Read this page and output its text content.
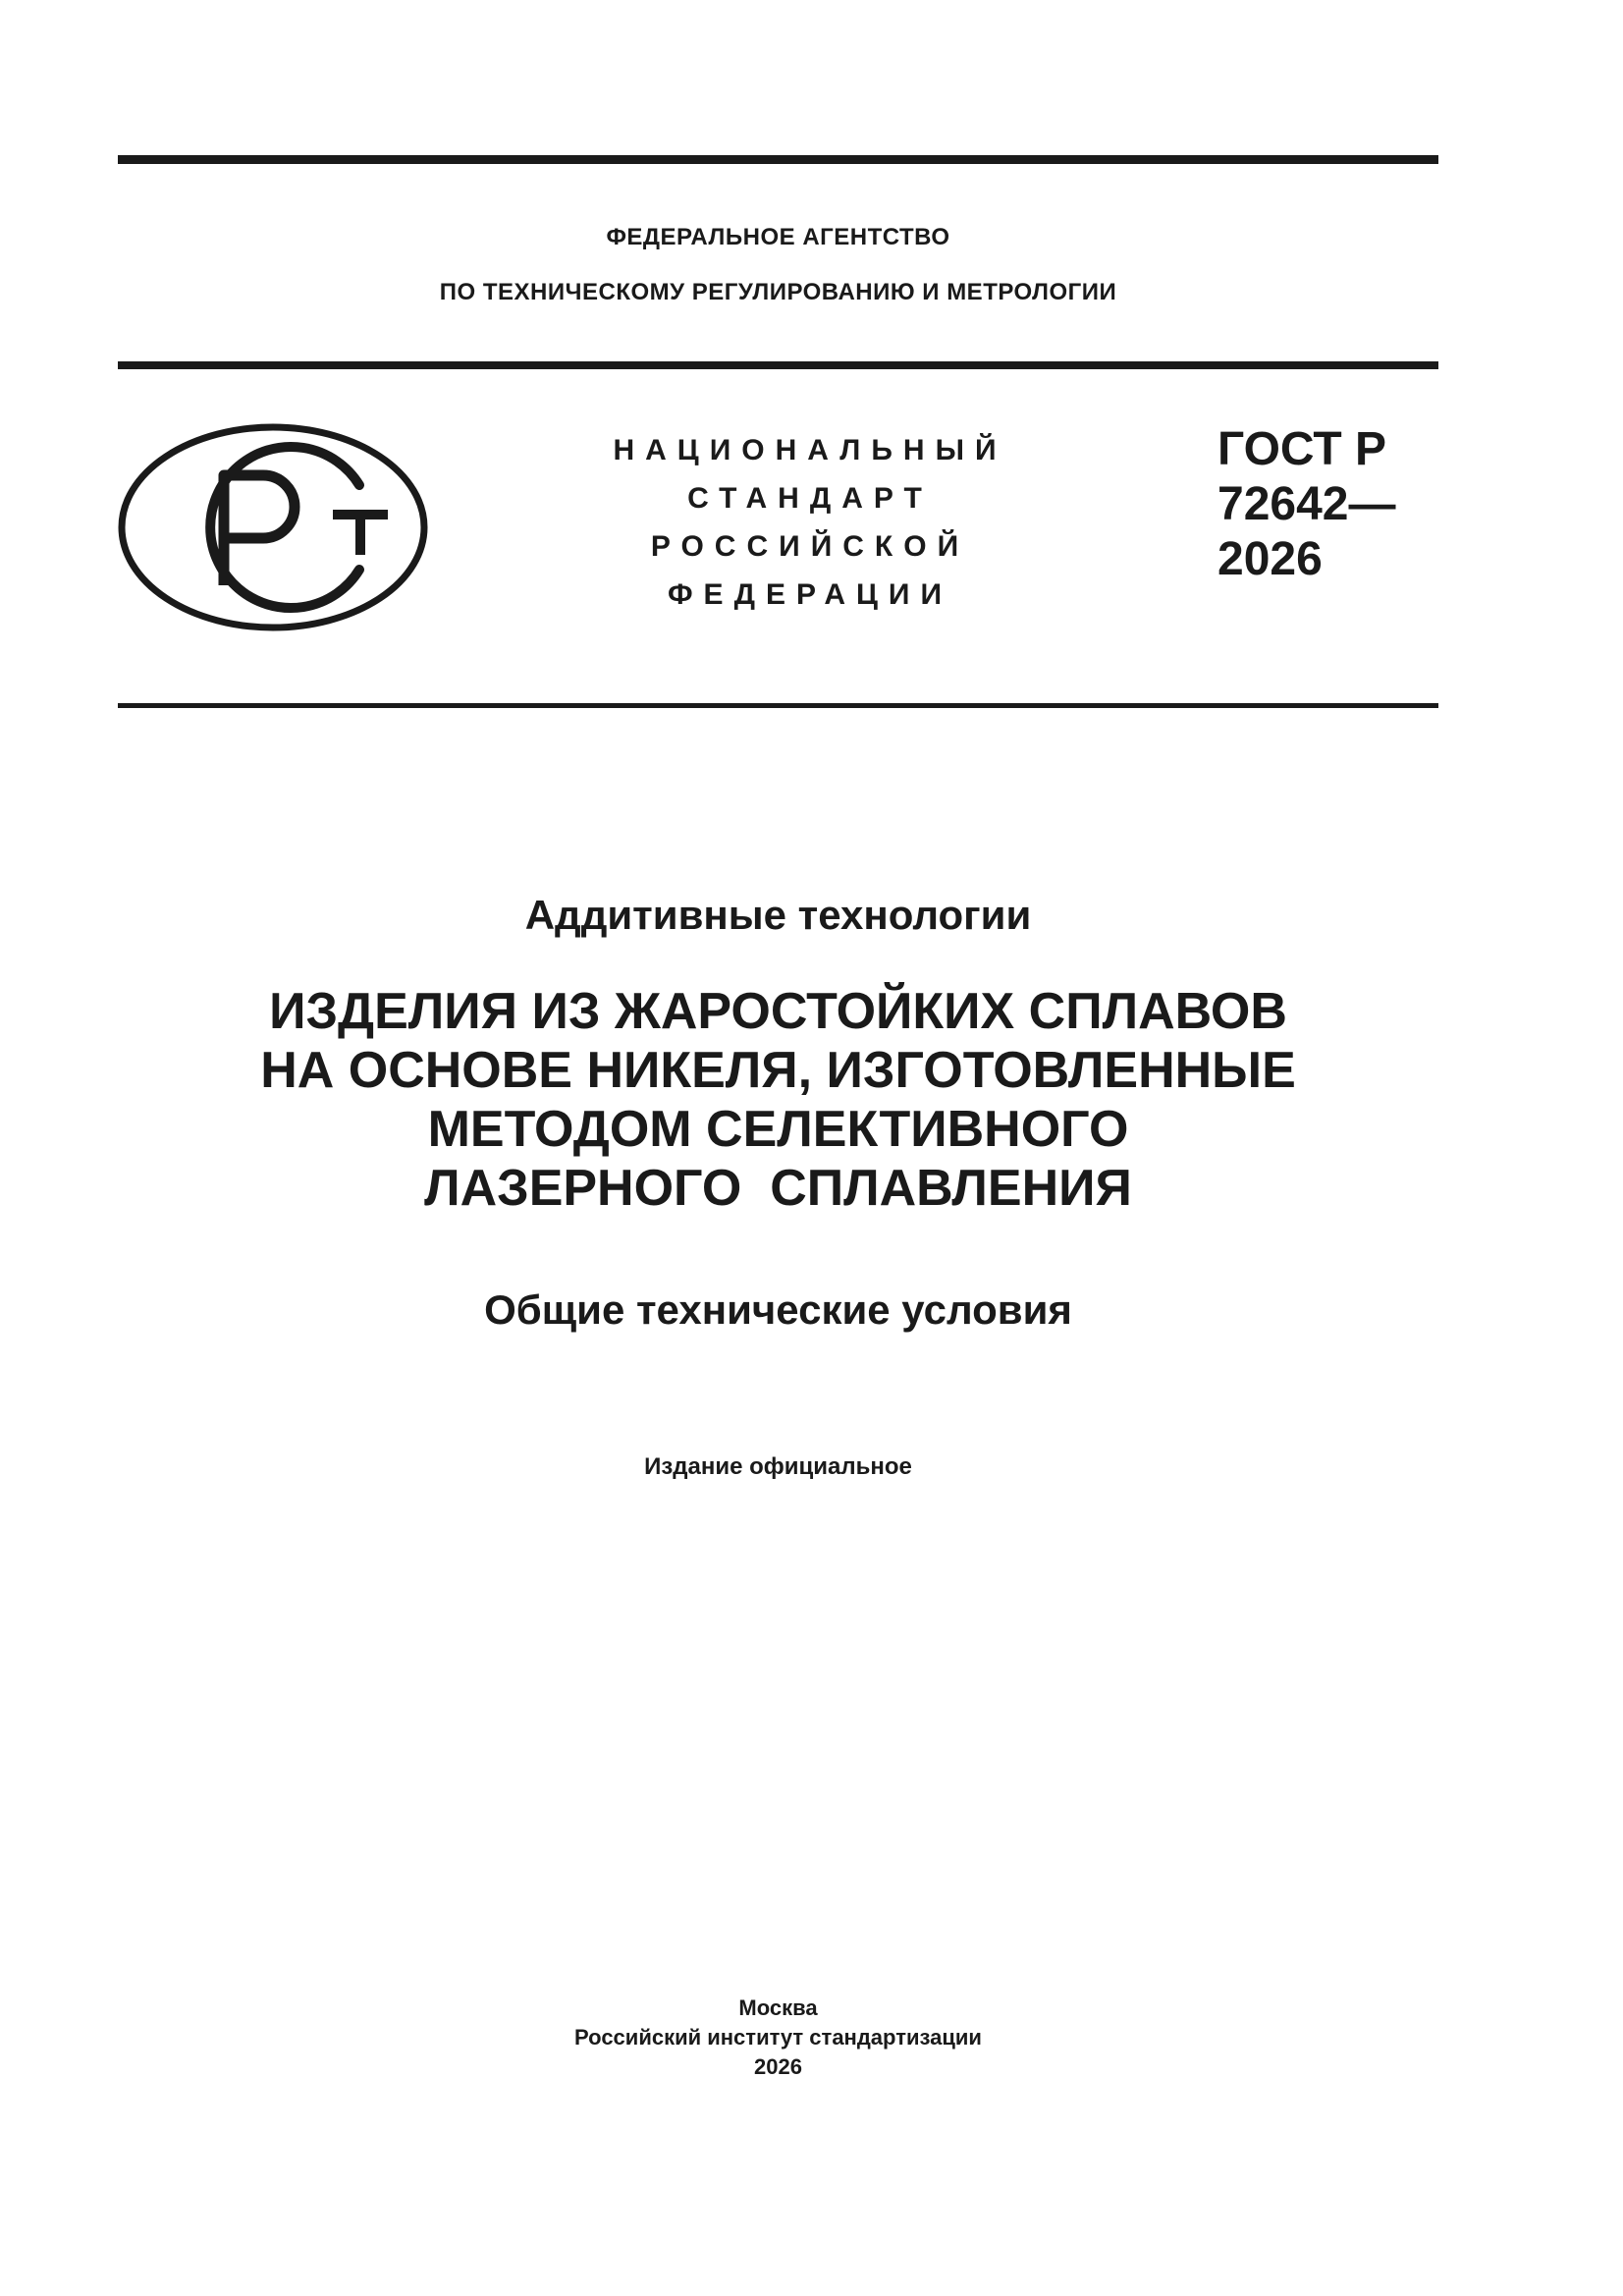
ФЕДЕРАЛЬНОЕ АГЕНТСТВО
ПО ТЕХНИЧЕСКОМУ РЕГУЛИРОВАНИЮ И МЕТРОЛОГИИ
НАЦИОНАЛЬНЫЙ
СТАНДАРТ
РОССИЙСКОЙ
ФЕДЕРАЦИИ
ГОСТ Р
72642—
2026
Аддитивные технологии
ИЗДЕЛИЯ ИЗ ЖАРОСТОЙКИХ СПЛАВОВ
НА ОСНОВЕ НИКЕЛЯ, ИЗГОТОВЛЕННЫЕ
МЕТОДОМ СЕЛЕКТИВНОГО
ЛАЗЕРНОГО  СПЛАВЛЕНИЯ
Общие технические условия
Издание официальное
Москва
Российский институт стандартизации
2026
